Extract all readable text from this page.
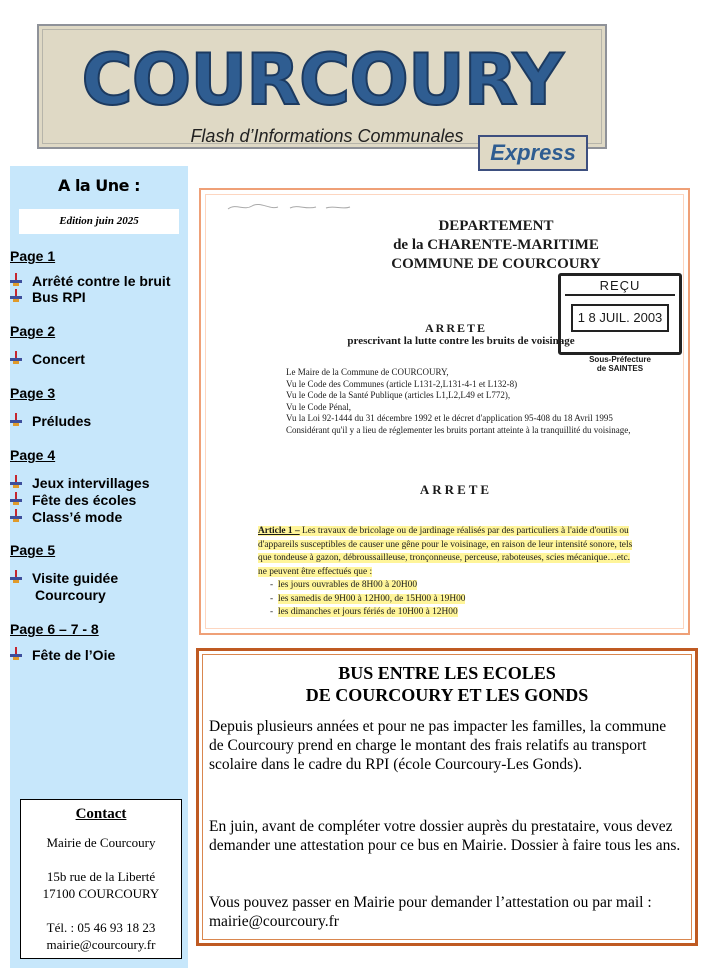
COURCOURY
Flash d’Informations Communales
Express
A la Une :
Edition juin 2025
Page 1
Arrêté contre le bruit
Bus RPI
Page 2
Concert
Page 3
Préludes
Page 4
Jeux intervillages
Fête des écoles
Class’é mode
Page 5
Visite guidée
Courcoury
Page 6 – 7 - 8
Fête de l’Oie

Contact

Mairie de Courcoury

15b rue de la Liberté

17100 COURCOURY

Tél. : 05 46 93 18 23

mairie@courcoury.fr

DEPARTEMENT
de la CHARENTE-MARITIME
COMMUNE DE COURCOURY
REÇU
1 8 JUIL. 2003
Sous-Préfecture
de SAINTES
ARRETE
prescrivant la lutte contre les bruits de voisinage
Le Maire de la Commune de COURCOURY,
Vu le Code des Communes (article L131-2,L131-4-1 et L132-8)
Vu le Code de la Santé Publique (articles L1,L2,L49 et L772),
Vu le Code Pénal,
Vu la Loi 92-1444 du 31 décembre 1992 et le décret d'application 95-408 du 18 Avril 1995
Considérant qu'il y a lieu de réglementer les bruits portant atteinte à la tranquillité du voisinage,
ARRETE
Article 1 – Les travaux de bricolage ou de jardinage réalisés par des particuliers à l'aide d'outils ou d'appareils susceptibles de causer une gêne pour le voisinage, en raison de leur intensité sonore, tels que tondeuse à gazon, débroussailleuse, tronçonneuse, perceuse, raboteuses, scies mécanique…etc. ne peuvent être effectués que :
- les jours ouvrables de 8H00 à 20H00
- les samedis de 9H00 à 12H00, de 15H00 à 19H00
- les dimanches et jours fériés de 10H00 à 12H00
BUS ENTRE LES ECOLES
DE COURCOURY ET LES GONDS
Depuis plusieurs années et pour ne pas impacter les familles, la commune de Courcoury prend en charge le montant des frais relatifs au transport scolaire dans le cadre du RPI (école Courcoury-Les Gonds).
En juin, avant de compléter votre dossier auprès du prestataire, vous devez demander une attestation pour ce bus en Mairie. Dossier à faire tous les ans.
Vous pouvez passer en Mairie pour demander l’attestation ou par mail : mairie@courcoury.fr
